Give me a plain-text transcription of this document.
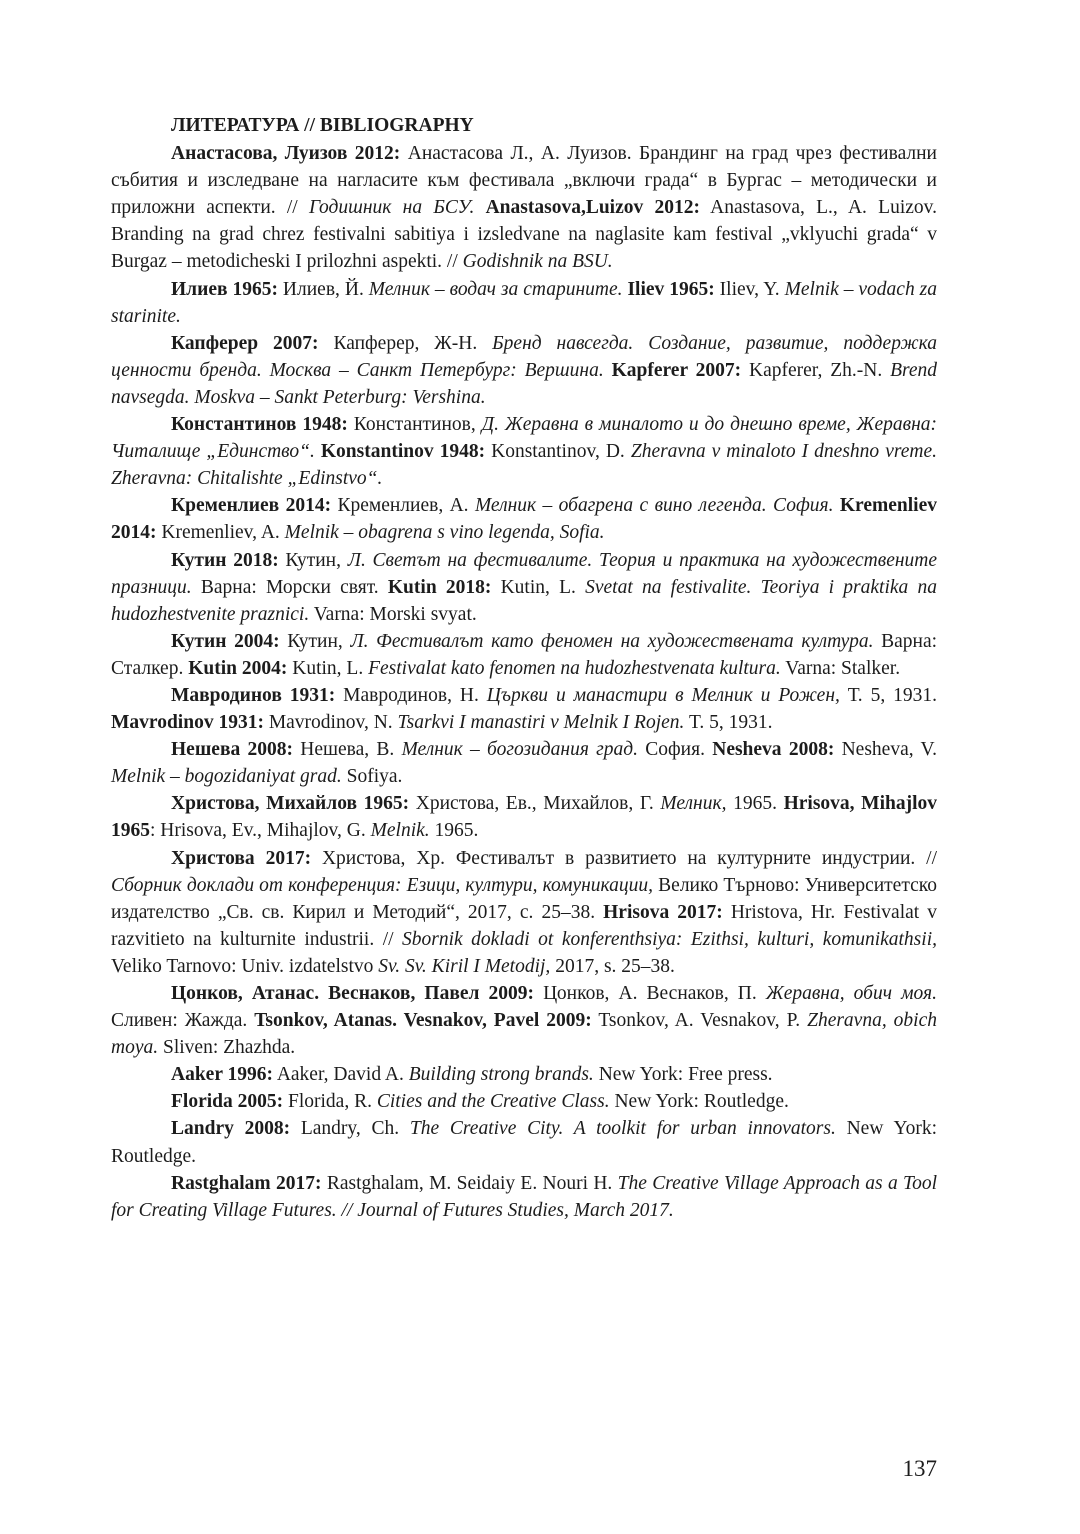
ЛИТЕРАТУРА // BIBLIOGRAPHY

Анастасова, Луизов 2012: Анастасова Л., А. Луизов. Брандинг на град чрез фестивални събития и изследване на нагласите към фестивала „включи града“ в Бургас – методически и приложни аспекти. // Годишник на БСУ. Anastasova,Luizov 2012: Anastasova, L., A. Luizov. Branding na grad chrez festivalni sabitiya i izsledvane na naglasite kam festival „vklyuchi grada“ v Burgaz – metodicheski I prilozhni aspekti. // Godishnik na BSU.

Илиев 1965: Илиев, Й. Мелник – водач за старините. Iliev 1965: Iliev, Y. Melnik – vodach za starinite.

Капферер 2007: Капферер, Ж-Н. Бренд навсегда. Создание, развитие, поддержка ценности бренда. Москва – Санкт Петербург: Вершина. Kapferer 2007: Kapferer, Zh.-N. Brend navsegda. Moskva – Sankt Peterburg: Vershina.

Константинов 1948: Константинов, Д. Жеравна в миналото и до днешно време, Жеравна: Читалище „Единство“. Konstantinov 1948: Konstantinov, D. Zheravna v minaloto I dneshno vreme. Zheravna: Chitalishte „Edinstvo“.

Кременлиев 2014: Кременлиев, А. Мелник – обагрена с вино легенда. София. Kremenliev 2014: Kremenliev, A. Melnik – obagrena s vino legenda, Sofia.

Кутин 2018: Кутин, Л. Светът на фестивалите. Теория и практика на художествените празници. Варна: Морски свят. Kutin 2018: Kutin, L. Svetat na festivalite. Teoriya i praktika na hudozhestvenite praznici. Varna: Morski svyat.

Кутин 2004: Кутин, Л. Фестивалът като феномен на художествената култура. Варна: Сталкер. Kutin 2004: Kutin, L. Festivalat kato fenomen na hudozhestvenata kultura. Varna: Stalker.

Мавродинов 1931: Мавродинов, Н. Църкви и манастири в Мелник и Рожен, Т. 5, 1931. Mavrodinov 1931: Mavrodinov, N. Tsarkvi I manastiri v Melnik I Rojen. T. 5, 1931.

Нешева 2008: Нешева, В. Мелник – богозидания град. София. Nesheva 2008: Nesheva, V. Melnik – bogozidaniyat grad. Sofiya.

Христова, Михайлов 1965: Христова, Ев., Михайлов, Г. Мелник, 1965. Hrisova, Mihajlov 1965: Hrisova, Ev., Mihajlov, G. Melnik. 1965.

Христова 2017: Христова, Хр. Фестивалът в развитието на културните индустрии. // Сборник доклади от конференция: Езици, култури, комуникации, Велико Търново: Университетско издателство „Св. св. Кирил и Методий“, 2017, с. 25–38. Hrisova 2017: Hristova, Hr. Festivalat v razvitieto na kulturnite industrii. // Sbornik dokladi ot konferenthsiya: Ezithsi, kulturi, komunikathsii, Veliko Tarnovo: Univ. izdatelstvo Sv. Sv. Kiril I Metodij, 2017, s. 25–38.

Цонков, Атанас. Веснаков, Павел 2009: Цонков, А. Веснаков, П. Жеравна, обич моя. Сливен: Жажда. Tsonkov, Atanas. Vesnakov, Pavel 2009: Tsonkov, A. Vesnakov, P. Zheravna, obich moya. Sliven: Zhazhda.

Aaker 1996: Aaker, David A. Building strong brands. New York: Free press.

Florida 2005: Florida, R. Cities and the Creative Class. New York: Routledge.

Landry 2008: Landry, Ch. The Creative City. A toolkit for urban innovators. New York: Routledge.

Rastghalam 2017: Rastghalam, M. Seidaiy E. Nouri H. The Creative Village Approach as a Tool for Creating Village Futures. // Journal of Futures Studies, March 2017.

137
